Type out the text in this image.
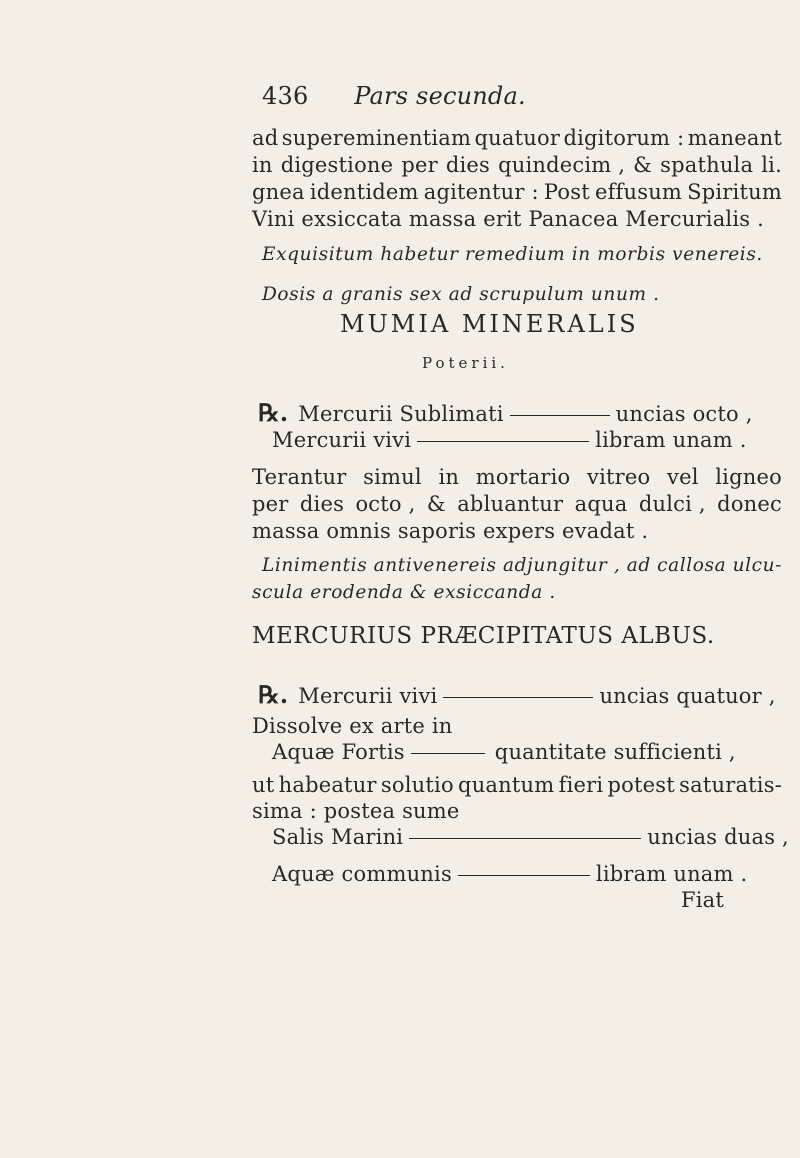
436 Pars secunda.
ad supereminentiam quatuor digitorum : maneant
in digestione per dies quindecim , & spathula li.
gnea identidem agitentur : Post effusum Spiritum
Vini exsiccata massa erit Panacea Mercurialis .
Exquisitum habetur remedium in morbis venereis.
Dosis a granis sex ad scrupulum unum .
MUMIA MINERALIS
Poterii.
℞. Mercurii Sublimati	uncias octo ,
Mercurii vivi	libram unam .
Terantur simul in mortario vitreo vel ligneo
per dies octo , & abluantur aqua dulci , donec
massa omnis saporis expers evadat .
Linimentis antivenereis adjungitur , ad callosa ulcu-
scula erodenda & exsiccanda .
MERCURIUS PRÆCIPITATUS ALBUS.
℞. Mercurii vivi	uncias quatuor ,
Dissolve ex arte in
Aquæ Fortis	quantitate sufficienti ,
ut habeatur solutio quantum fieri potest saturatis-
sima : postea sume
Salis Marini	uncias duas ,
Aquæ communis	libram unam .
Fiat
